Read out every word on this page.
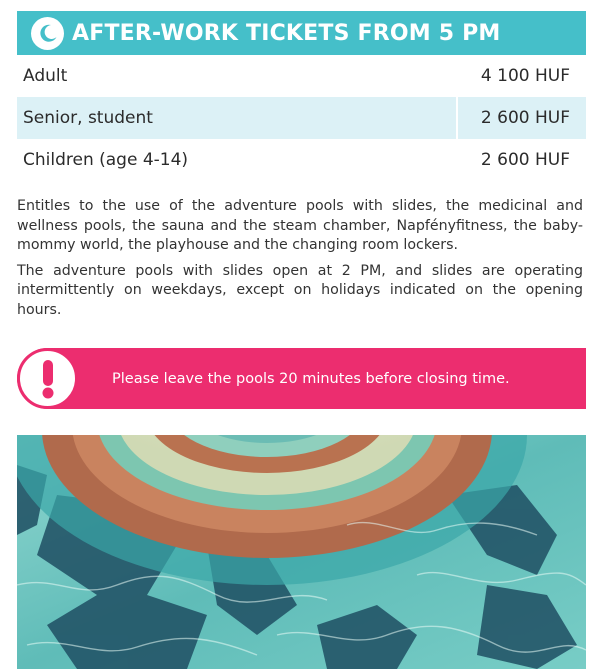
AFTER-WORK TICKETS FROM 5 PM
Adult	4 100 HUF
Senior, student	2 600 HUF
Children (age 4-14)	2 600 HUF

Entitles to the use of the adventure pools with slides, the medicinal and wellness pools, the sauna and the steam chamber, Napfényfitness, the baby-mommy world, the playhouse and the changing room lockers.

The adventure pools with slides open at 2 PM, and slides are operating intermittently on weekdays, except on holidays indicated on the opening hours.

Please leave the pools 20 minutes before closing time.
